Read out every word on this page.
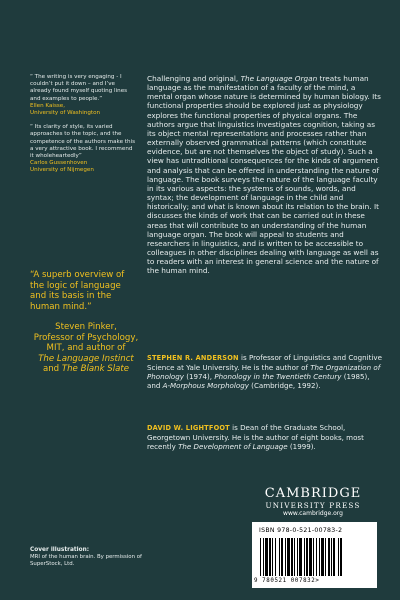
“ The writing is very engaging - I couldn’t put it down – and I’ve already found myself quoting lines and examples to people.”
Ellen Kaisse,
University of Washington
“ Its clarity of style, its varied approaches to the topic, and the competence of the authors make this a very attractive book. I recommend it wholeheartedly”
Carlos Gussenhoven
University of Nijmegen
“A superb overview of the logic of language and its basis in the human mind.”
Steven Pinker,
Professor of Psychology, MIT, and author of
The Language Instinct and The Blank Slate
Challenging and original, The Language Organ treats human language as the manifestation of a faculty of the mind, a mental organ whose nature is determined by human biology. Its functional properties should be explored just as physiology explores the functional properties of physical organs. The authors argue that linguistics investigates cognition, taking as its object mental representations and processes rather than externally observed grammatical patterns (which constitute evidence, but are not themselves the object of study). Such a view has untraditional consequences for the kinds of argument and analysis that can be offered in understanding the nature of language. The book surveys the nature of the language faculty in its various aspects: the systems of sounds, words, and syntax; the development of language in the child and historically; and what is known about its relation to the brain. It discusses the kinds of work that can be carried out in these areas that will contribute to an understanding of the human language organ. The book will appeal to students and researchers in linguistics, and is written to be accessible to colleagues in other disciplines dealing with language as well as to readers with an interest in general science and the nature of the human mind.
STEPHEN R. ANDERSON is Professor of Linguistics and Cognitive Science at Yale University. He is the author of The Organization of Phonology (1974), Phonology in the Twentieth Century (1985), and A-Morphous Morphology (Cambridge, 1992).
DAVID W. LIGHTFOOT is Dean of the Graduate School, Georgetown University. He is the author of eight books, most recently The Development of Language (1999).
CAMBRIDGE
UNIVERSITY PRESS
www.cambridge.org
ISBN 978-0-521-00783-2
9 780521 007832>
Cover illustration:
MRI of the human brain. By permission of SuperStock, Ltd.
